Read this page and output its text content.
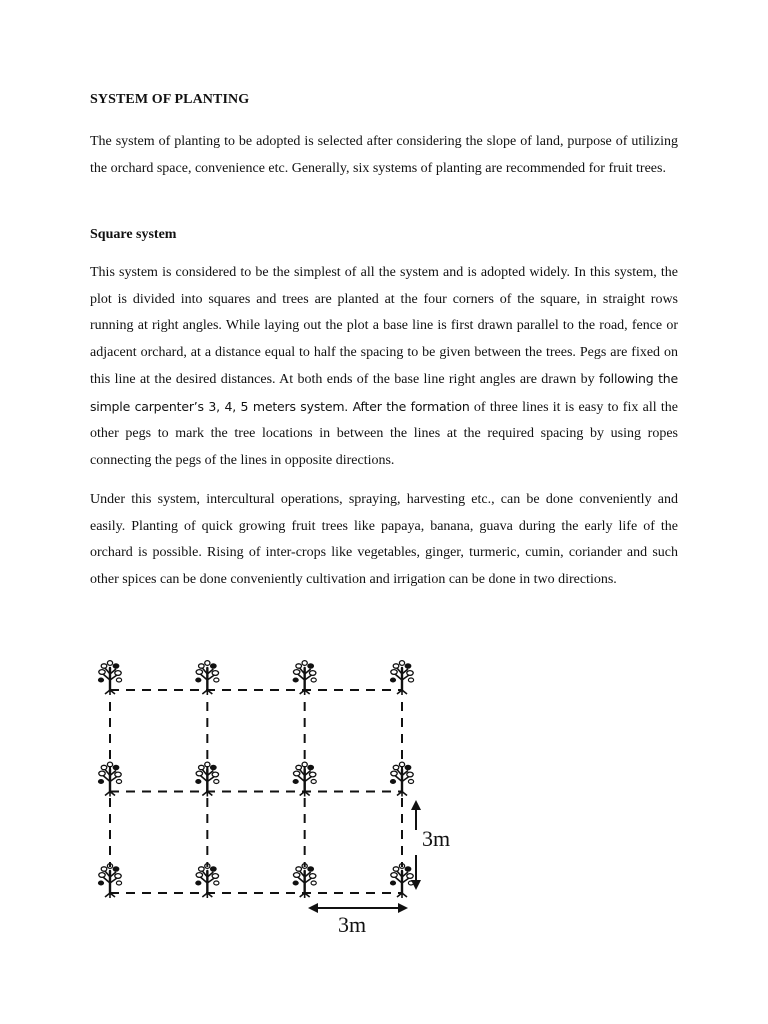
SYSTEM OF PLANTING

The system of planting to be adopted is selected after considering the slope of land, purpose of utilizing the orchard space, convenience etc. Generally, six systems of planting are recommended for fruit trees.

Square system

This system is considered to be the simplest of all the system and is adopted widely. In this system, the plot is divided into squares and trees are planted at the four corners of the square, in straight rows running at right angles. While laying out the plot a base line is first drawn parallel to the road, fence or adjacent orchard, at a distance equal to half the spacing to be given between the trees. Pegs are fixed on this line at the desired distances. At both ends of the base line right angles are drawn by following the simple carpenter’s 3, 4, 5 meters system. After the formation of three lines it is easy to fix all the other pegs to mark the tree locations in between the lines at the required spacing by using ropes connecting the pegs of the lines in opposite directions.

Under this system, intercultural operations, spraying, harvesting etc., can be done conveniently and easily. Planting of quick growing fruit trees like papaya, banana, guava during the early life of the orchard is possible. Rising of inter-crops like vegetables, ginger, turmeric, cumin, coriander and such other spices can be done conveniently cultivation and irrigation can be done in two directions.

3m
3m
